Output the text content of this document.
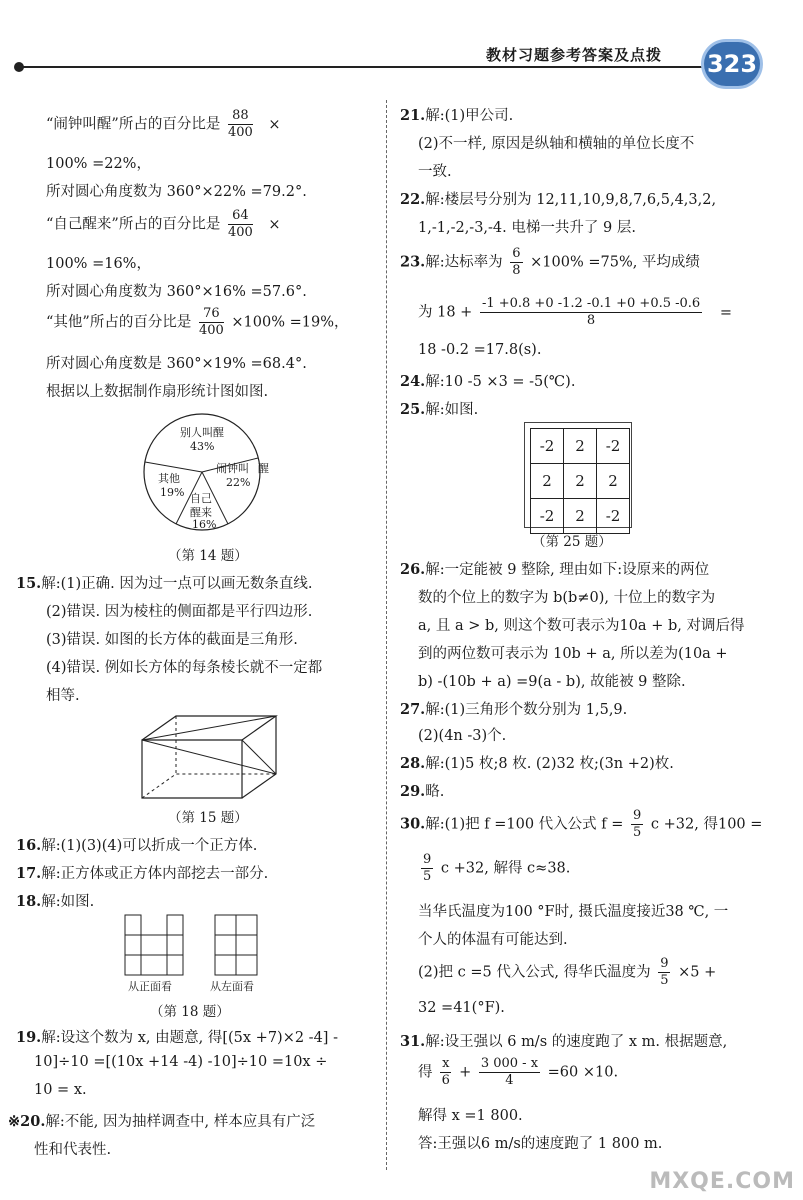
教材习题参考答案及点拨 323
“闹钟叫醒”所占的百分比是 $\frac{88}{400}$ ×
100% =22%，
所对圆心角度数为 360°×22% =79.2°.
“自己醒来”所占的百分比是 $\frac{64}{400}$ ×
100% =16%，
所对圆心角度数为 360°×16% =57.6°.
“其他”所占的百分比是 $\frac{76}{400} \times 100\% =19\%$，
所对圆心角度数是 360°×19% =68.4°.
根据以上数据制作扇形统计图如图.
别人叫醒
43%
闹钟叫 醒
22%
其他
19% 自己
醒来
16%
（第 14 题）
15.解:(1)正确. 因为过一点可以画无数条直线.
(2)错误. 因为棱柱的侧面都是平行四边形.
(3)错误. 如图的长方体的截面是三角形.
(4)错误. 例如长方体的每条棱长就不一定都
相等.
（第 15 题）
16.解:(1)(3)(4)可以折成一个正方体.
17.解:正方体或正方体内部挖去一部分.
18.解:如图.
从正面看	从左面看
（第 18 题）
19.解:设这个数为 x, 由题意, 得[(5x +7)×2 -4] -
10]÷10 =[(10x +14 -4) -10]÷10 =10x ÷
10 = x.
※20.解:不能, 因为抽样调查中, 样本应具有广泛
性和代表性.
21.解:(1)甲公司.
(2)不一样, 原因是纵轴和横轴的单位长度不
一致.
22.解:楼层号分别为 12,11,10,9,8,7,6,5,4,3,2,
1,-1,-2,-3,-4. 电梯一共升了 9 层.
23.解:达标率为 $\frac{6}{8} \times 100\% =75\%$, 平均成绩
为 $18 + \frac{-1 +0.8 +0 -1.2 -0.1 +0 +0.5 -0.6}{8}$ =
18 -0.2 =17.8(s).
24.解:10 -5 ×3 = -5(℃).
25.解:如图.
-2	2	-2
2	2	2
-2	2	-2
（第 25 题）
26.解:一定能被 9 整除, 理由如下:设原来的两位
数的个位上的数字为 b(b≠0), 十位上的数字为
a, 且 a > b, 则这个数可表示为10a + b, 对调后得
到的两位数可表示为 10b + a, 所以差为(10a +
b) -(10b + a) =9(a - b), 故能被 9 整除.
27.解:(1)三角形个数分别为 1,5,9.
(2)(4n -3)个.
28.解:(1)5 枚;8 枚. (2)32 枚;(3n +2)枚.
29.略.
30.解:(1)把 f =100 代入公式 $f = \frac{9}{5}$ c +32, 得100 =
$\frac{9}{5}$ c +32, 解得 c≈38.
当华氏温度为100 °F时, 摄氏温度接近38 ℃, 一
个人的体温有可能达到.
(2)把 c =5 代入公式, 得华氏温度为 $\frac{9}{5} \times 5$ +
32 =41(°F).
31.解:设王强以 6 m/s 的速度跑了 x m. 根据题意,
得 $\frac{x}{6} + \frac{3 000 - x}{4} =60 \times 10$.
解得 x =1 800.
答:王强以6 m/s的速度跑了 1 800 m.
MXQE.COM
